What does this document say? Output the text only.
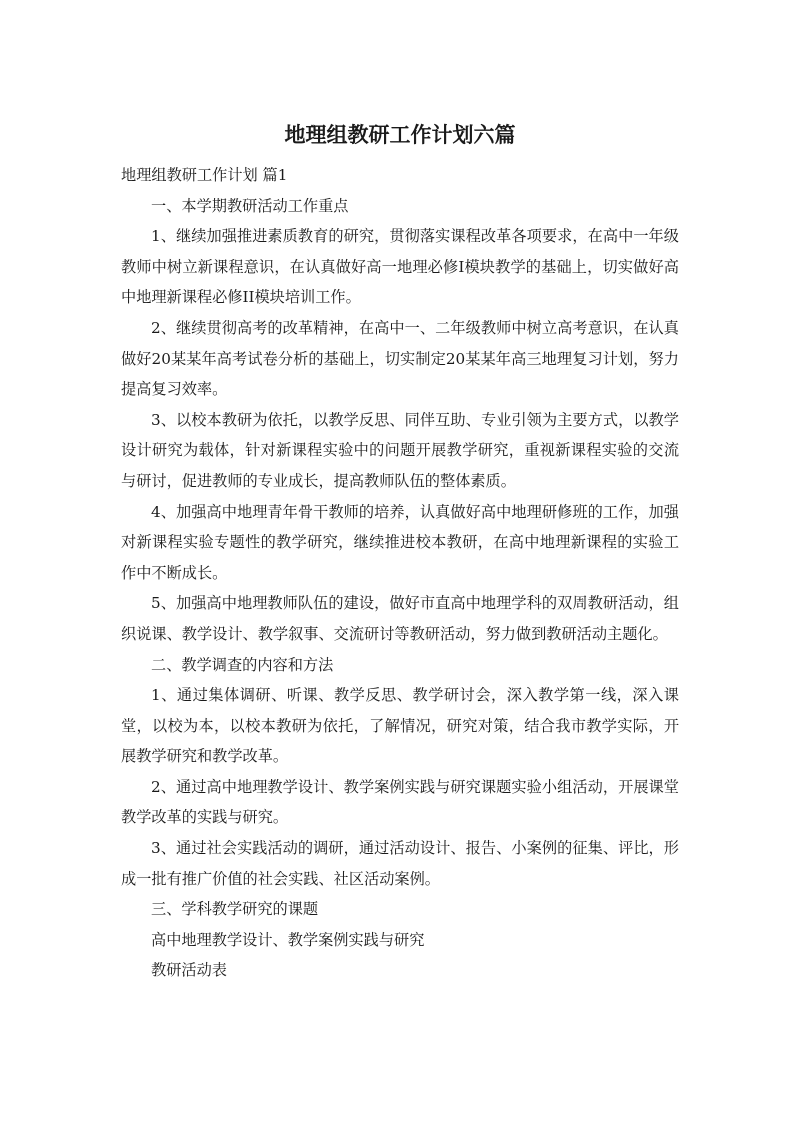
地理组教研工作计划六篇

地理组教研工作计划 篇1

一、本学期教研活动工作重点

1、继续加强推进素质教育的研究，贯彻落实课程改革各项要求，在高中一年级教师中树立新课程意识，在认真做好高一地理必修Ⅰ模块教学的基础上，切实做好高中地理新课程必修II模块培训工作。

2、继续贯彻高考的改革精神，在高中一、二年级教师中树立高考意识，在认真做好20某某年高考试卷分析的基础上，切实制定20某某年高三地理复习计划，努力提高复习效率。

3、以校本教研为依托，以教学反思、同伴互助、专业引领为主要方式，以教学设计研究为载体，针对新课程实验中的问题开展教学研究，重视新课程实验的交流与研讨，促进教师的专业成长，提高教师队伍的整体素质。

4、加强高中地理青年骨干教师的培养，认真做好高中地理研修班的工作，加强对新课程实验专题性的教学研究，继续推进校本教研，在高中地理新课程的实验工作中不断成长。

5、加强高中地理教师队伍的建设，做好市直高中地理学科的双周教研活动，组织说课、教学设计、教学叙事、交流研讨等教研活动，努力做到教研活动主题化。

二、教学调查的内容和方法

1、通过集体调研、听课、教学反思、教学研讨会，深入教学第一线，深入课堂，以校为本，以校本教研为依托，了解情况，研究对策，结合我市教学实际，开展教学研究和教学改革。

2、通过高中地理教学设计、教学案例实践与研究课题实验小组活动，开展课堂教学改革的实践与研究。

3、通过社会实践活动的调研，通过活动设计、报告、小案例的征集、评比，形成一批有推广价值的社会实践、社区活动案例。

三、学科教学研究的课题

高中地理教学设计、教学案例实践与研究

教研活动表
